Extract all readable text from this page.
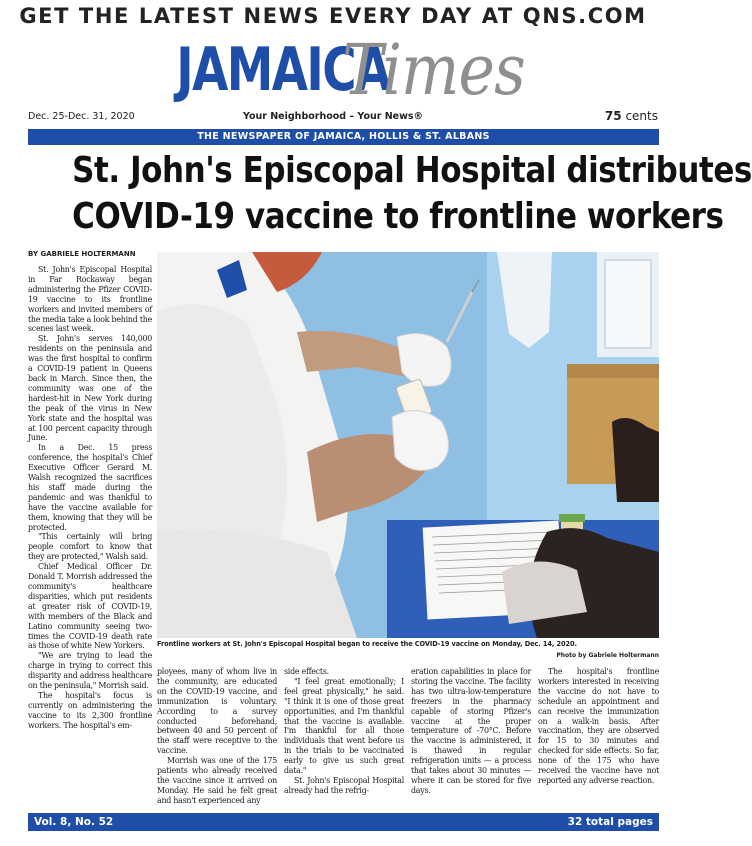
GET THE LATEST NEWS EVERY DAY AT QNS.COM
JAMAICATimes
Dec. 25-Dec. 31, 2020	Your Neighborhood – Your News®	75 cents
THE NEWSPAPER OF JAMAICA, HOLLIS & ST. ALBANS
St. John's Episcopal Hospital distributes
COVID-19 vaccine to frontline workers
BY GABRIELE HOLTERMANN

St. John's Episcopal Hospital in Far Rockaway began administering the Pfizer COVID-19 vaccine to its frontline workers and invited members of the media take a look behind the scenes last week.

St. John's serves 140,000 residents on the peninsula and was the first hospital to confirm a COVID-19 patient in Queens back in March. Since then, the community was one of the hardest-hit in New York during the peak of the virus in New York state and the hospital was at 100 percent capacity through June.

In a Dec. 15 press conference, the hospital's Chief Executive Officer Gerard M. Walsh recognized the sacrifices his staff made during the pandemic and was thankful to have the vaccine available for them, knowing that they will be protected.

"This certainly will bring people comfort to know that they are protected," Walsh said.

Chief Medical Officer Dr. Donald T. Morrish addressed the community's healthcare disparities, which put residents at greater risk of COVID-19, with members of the Black and Latino community seeing two-times the COVID-19 death rate as those of white New Yorkers.

"We are trying to lead the charge in trying to correct this disparity and address healthcare on the peninsula," Morrish said.

The hospital's focus is currently on administering the vaccine to its 2,300 frontline workers. The hospital's em-

Frontline workers at St. John's Episcopal Hospital began to receive the COVID-19 vaccine on Monday, Dec. 14, 2020.
Photo by Gabriele Holtermann

ployees, many of whom live in the community, are educated on the COVID-19 vaccine, and immunization is voluntary. According to a survey conducted beforehand, between 40 and 50 percent of the staff were receptive to the vaccine.

Morrish was one of the 175 patients who already received the vaccine since it arrived on Monday. He said he felt great and hasn't experienced any

side effects.

"I feel great emotionally; I feel great physically," he said. "I think it is one of those great opportunities, and I'm thankful that the vaccine is available. I'm thankful for all those individuals that went before us in the trials to be vaccinated early to give us such great data."

St. John's Episcopal Hospital already had the refrig-

eration capabilities in place for storing the vaccine. The facility has two ultra-low-temperature freezers in the pharmacy capable of storing Pfizer's vaccine at the proper temperature of -70°C. Before the vaccine is administered, it is thawed in regular refrigeration units — a process that takes about 30 minutes — where it can be stored for five days.

The hospital's frontline workers interested in receiving the vaccine do not have to schedule an appointment and can receive the immunization on a walk-in basis. After vaccination, they are observed for 15 to 30 minutes and checked for side effects. So far, none of the 175 who have received the vaccine have not reported any adverse reaction.

Vol. 8, No. 52	32 total pages
